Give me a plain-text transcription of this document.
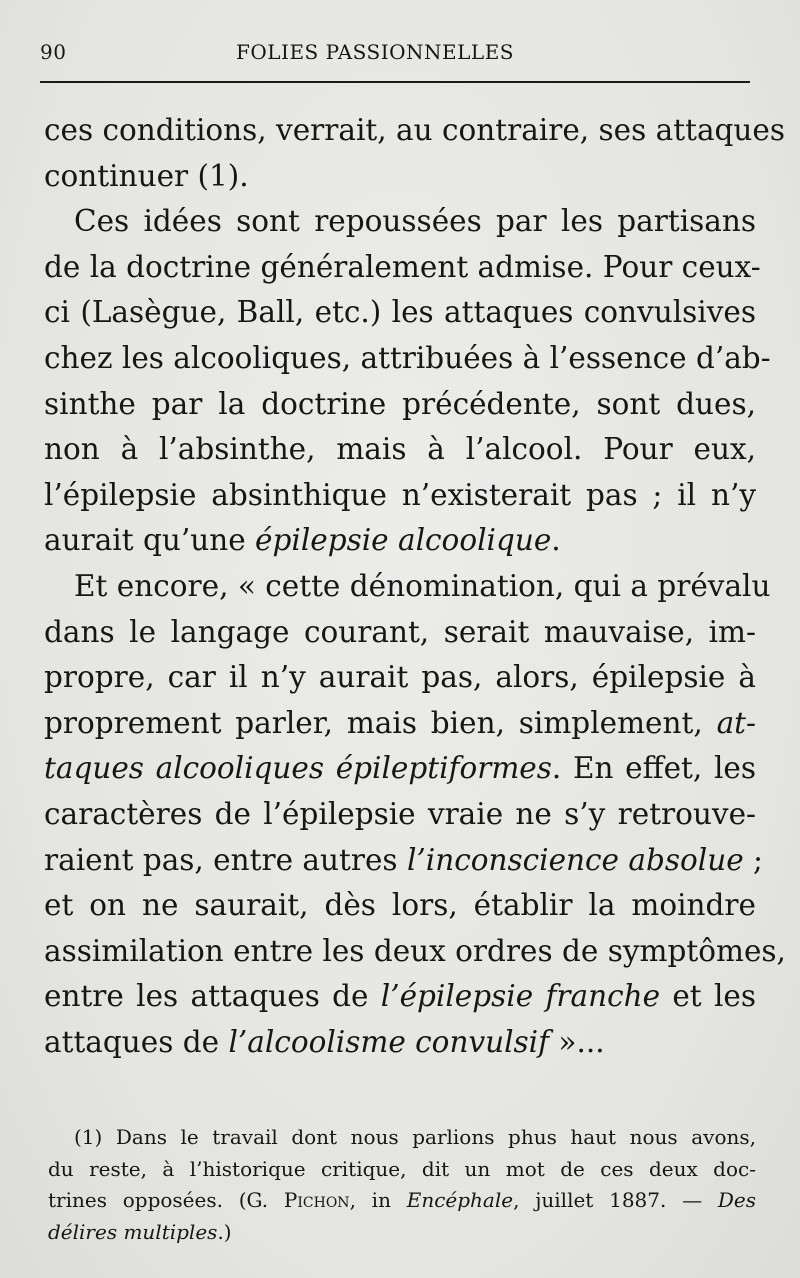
90	FOLIES PASSIONNELLES
ces conditions, verrait, au contraire, ses attaques
continuer (1).
Ces idées sont repoussées par les partisans
de la doctrine généralement admise. Pour ceux-
ci (Lasègue, Ball, etc.) les attaques convulsives
chez les alcooliques, attribuées à l’essence d’ab-
sinthe par la doctrine précédente, sont dues,
non à l’absinthe, mais à l’alcool. Pour eux,
l’épilepsie absinthique n’existerait pas ; il n’y
aurait qu’une épilepsie alcoolique.
Et encore, « cette dénomination, qui a prévalu
dans le langage courant, serait mauvaise, im-
propre, car il n’y aurait pas, alors, épilepsie à
proprement parler, mais bien, simplement, at-
taques alcooliques épileptiformes. En effet, les
caractères de l’épilepsie vraie ne s’y retrouve-
raient pas, entre autres l’inconscience absolue ;
et on ne saurait, dès lors, établir la moindre
assimilation entre les deux ordres de symptômes,
entre les attaques de l’épilepsie franche et les
attaques de l’alcoolisme convulsif »...
(1) Dans le travail dont nous parlions phus haut nous avons,
du reste, à l’historique critique, dit un mot de ces deux doc-
trines opposées. (G. Pichon, in Encéphale, juillet 1887. — Des
délires multiples.)
